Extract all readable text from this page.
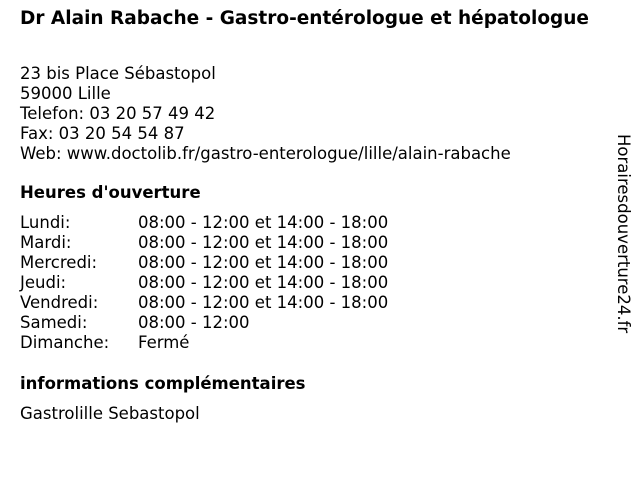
Dr Alain Rabache - Gastro-entérologue et hépatologue
23 bis Place Sébastopol
59000 Lille
Telefon: 03 20 57 49 42
Fax: 03 20 54 54 87
Web: www.doctolib.fr/gastro-enterologue/lille/alain-rabache
Heures d'ouverture
Lundi:	08:00 - 12:00 et 14:00 - 18:00
Mardi:	08:00 - 12:00 et 14:00 - 18:00
Mercredi:	08:00 - 12:00 et 14:00 - 18:00
Jeudi:	08:00 - 12:00 et 14:00 - 18:00
Vendredi:	08:00 - 12:00 et 14:00 - 18:00
Samedi:	08:00 - 12:00
Dimanche:	Fermé
informations complémentaires
Gastrolille Sebastopol
Horairesdouverture24.fr
